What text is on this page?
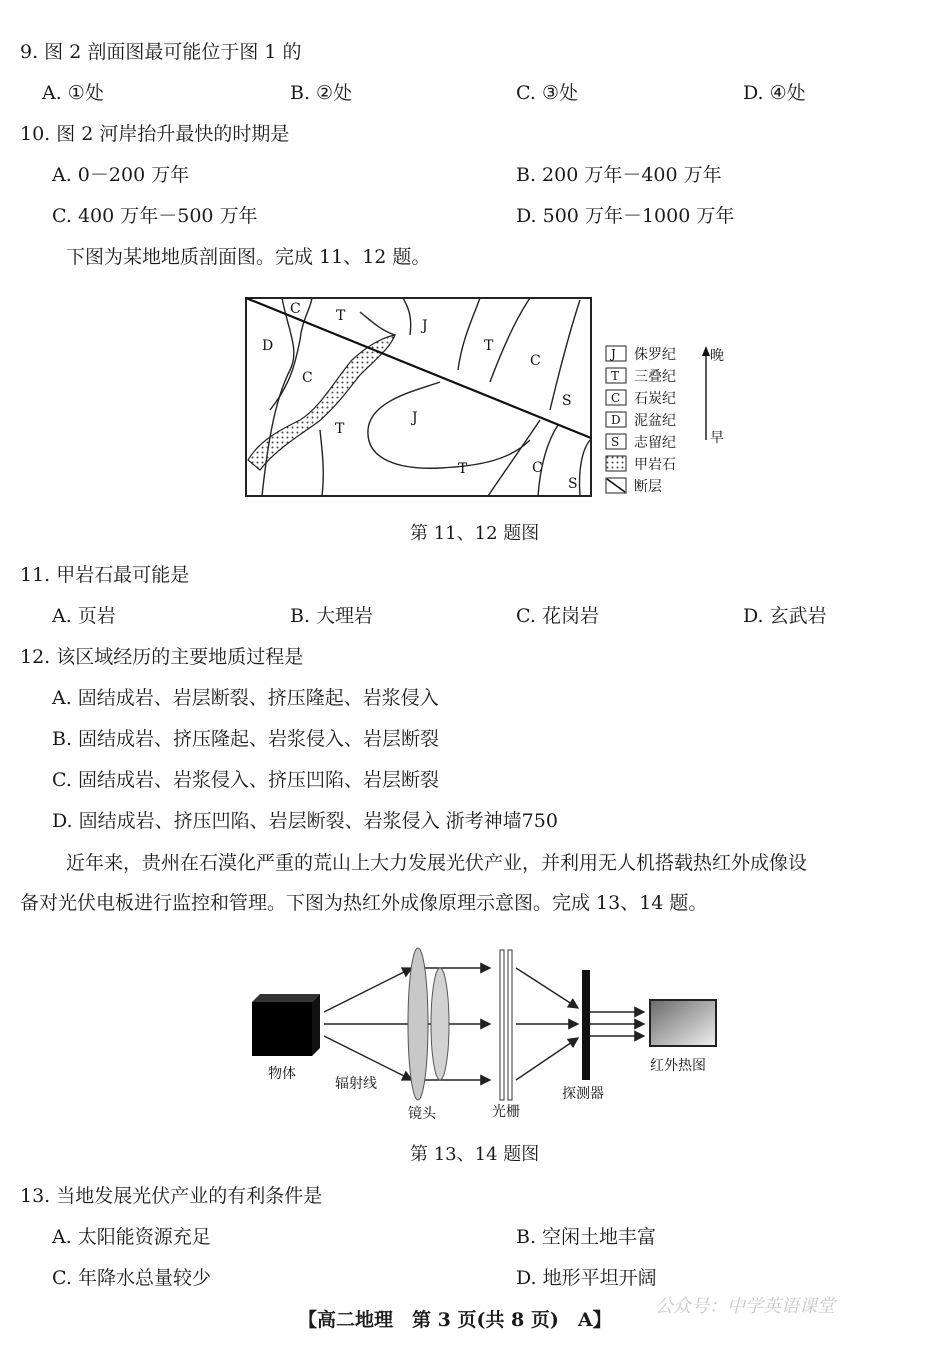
9. 图 2 剖面图最可能位于图 1 的
A. ①处	B. ②处	C. ③处	D. ④处
10. 图 2 河岸抬升最快的时期是
A. 0－200 万年	B. 200 万年－400 万年
C. 400 万年－500 万年	D. 500 万年－1000 万年
下图为某地地质剖面图。完成 11、12 题。
C	T
J
T
C
D
C
S
T
J
T	C
S
J 侏罗纪
T 三叠纪
C 石炭纪
D 泥盆纪
S 志留纪
甲岩石
断层
晚
早
第 11、12 题图
11. 甲岩石最可能是
A. 页岩	B. 大理岩	C. 花岗岩	D. 玄武岩
12. 该区域经历的主要地质过程是
A. 固结成岩、岩层断裂、挤压隆起、岩浆侵入
B. 固结成岩、挤压隆起、岩浆侵入、岩层断裂
C. 固结成岩、岩浆侵入、挤压凹陷、岩层断裂
D. 固结成岩、挤压凹陷、岩层断裂、岩浆侵入 浙考神墙750
近年来，贵州在石漠化严重的荒山上大力发展光伏产业，并利用无人机搭载热红外成像设
备对光伏电板进行监控和管理。下图为热红外成像原理示意图。完成 13、14 题。
物体
辐射线
镜头	光栅
探测器
红外热图
第 13、14 题图
13. 当地发展光伏产业的有利条件是
A. 太阳能资源充足	B. 空闲土地丰富
C. 年降水总量较少	D. 地形平坦开阔
【高二地理　第 3 页(共 8 页)　A】
公众号：中学英语课堂
